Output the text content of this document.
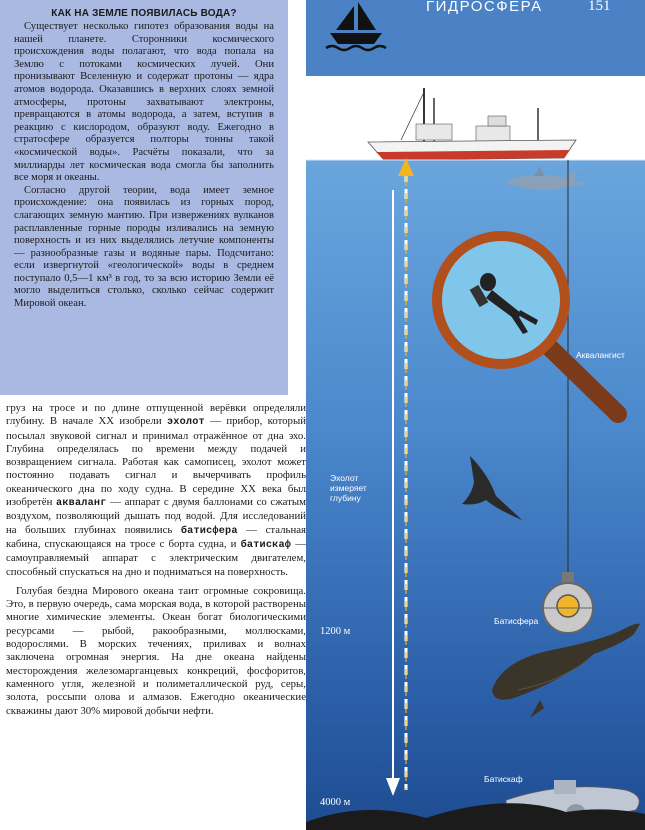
КАК НА ЗЕМЛЕ ПОЯВИЛАСЬ ВОДА?

Существует несколько гипотез образования воды на нашей планете. Сторонники космического происхождения воды полагают, что вода попала на Землю с потоками космических лучей. Они пронизывают Вселенную и содержат протоны — ядра атомов водорода. Оказавшись в верхних слоях земной атмосферы, протоны захватывают электроны, превращаются в атомы водорода, а затем, вступив в реакцию с кислородом, образуют воду. Ежегодно в стратосфере образуется полторы тонны такой «космической воды». Расчёты показали, что за миллиарды лет космическая вода смогла бы заполнить все моря и океаны.

Согласно другой теории, вода имеет земное происхождение: она появилась из горных пород, слагающих земную мантию. При извержениях вулканов расплавленные горные породы изливались на земную поверхность и из них выделялись летучие компоненты — разнообразные газы и водяные пары. Подсчитано: если извергнутой «геологической» воды в среднем поступало 0,5—1 км³ в год, то за всю историю Земли её могло выделиться столько, сколько сейчас содержит Мировой океан.

груз на тросе и по длине отпущенной верёвки определяли глубину. В начале XX изобрели эхолот — прибор, который посылал звуковой сигнал и принимал отражённое от дна эхо. Глубина определялась по времени между подачей и возвращением сигнала. Работая как самописец, эхолот может постоянно подавать сигнал и вычерчивать профиль океанического дна по ходу судна. В середине XX века был изобретён акваланг — аппарат с двумя баллонами со сжатым воздухом, позволяющий дышать под водой. Для исследований на больших глубинах появились батисфера — стальная кабина, спускающаяся на тросе с борта судна, и батискаф — самоуправляемый аппарат с электрическим двигателем, способный спускаться на дно и подниматься на поверхность.

Голубая бездна Мирового океана таит огромные сокровища. Это, в первую очередь, сама морская вода, в которой растворены многие химические элементы. Океан богат биологическими ресурсами — рыбой, ракообразными, моллюсками, водорослями. В морских течениях, приливах и волнах заключена огромная энергия. На дне океана найдены месторождения железомарганцевых конкреций, фосфоритов, каменного угля, железной и полиметаллической руд, серы, золота, россыпи олова и алмазов. Ежегодно океанические скважины дают 30% мировой добычи нефти.

ГИДРОСФЕРА	151
Аквалангист
Эхолот измеряет глубину
Батисфера
Батискаф
1200 м
4000 м
